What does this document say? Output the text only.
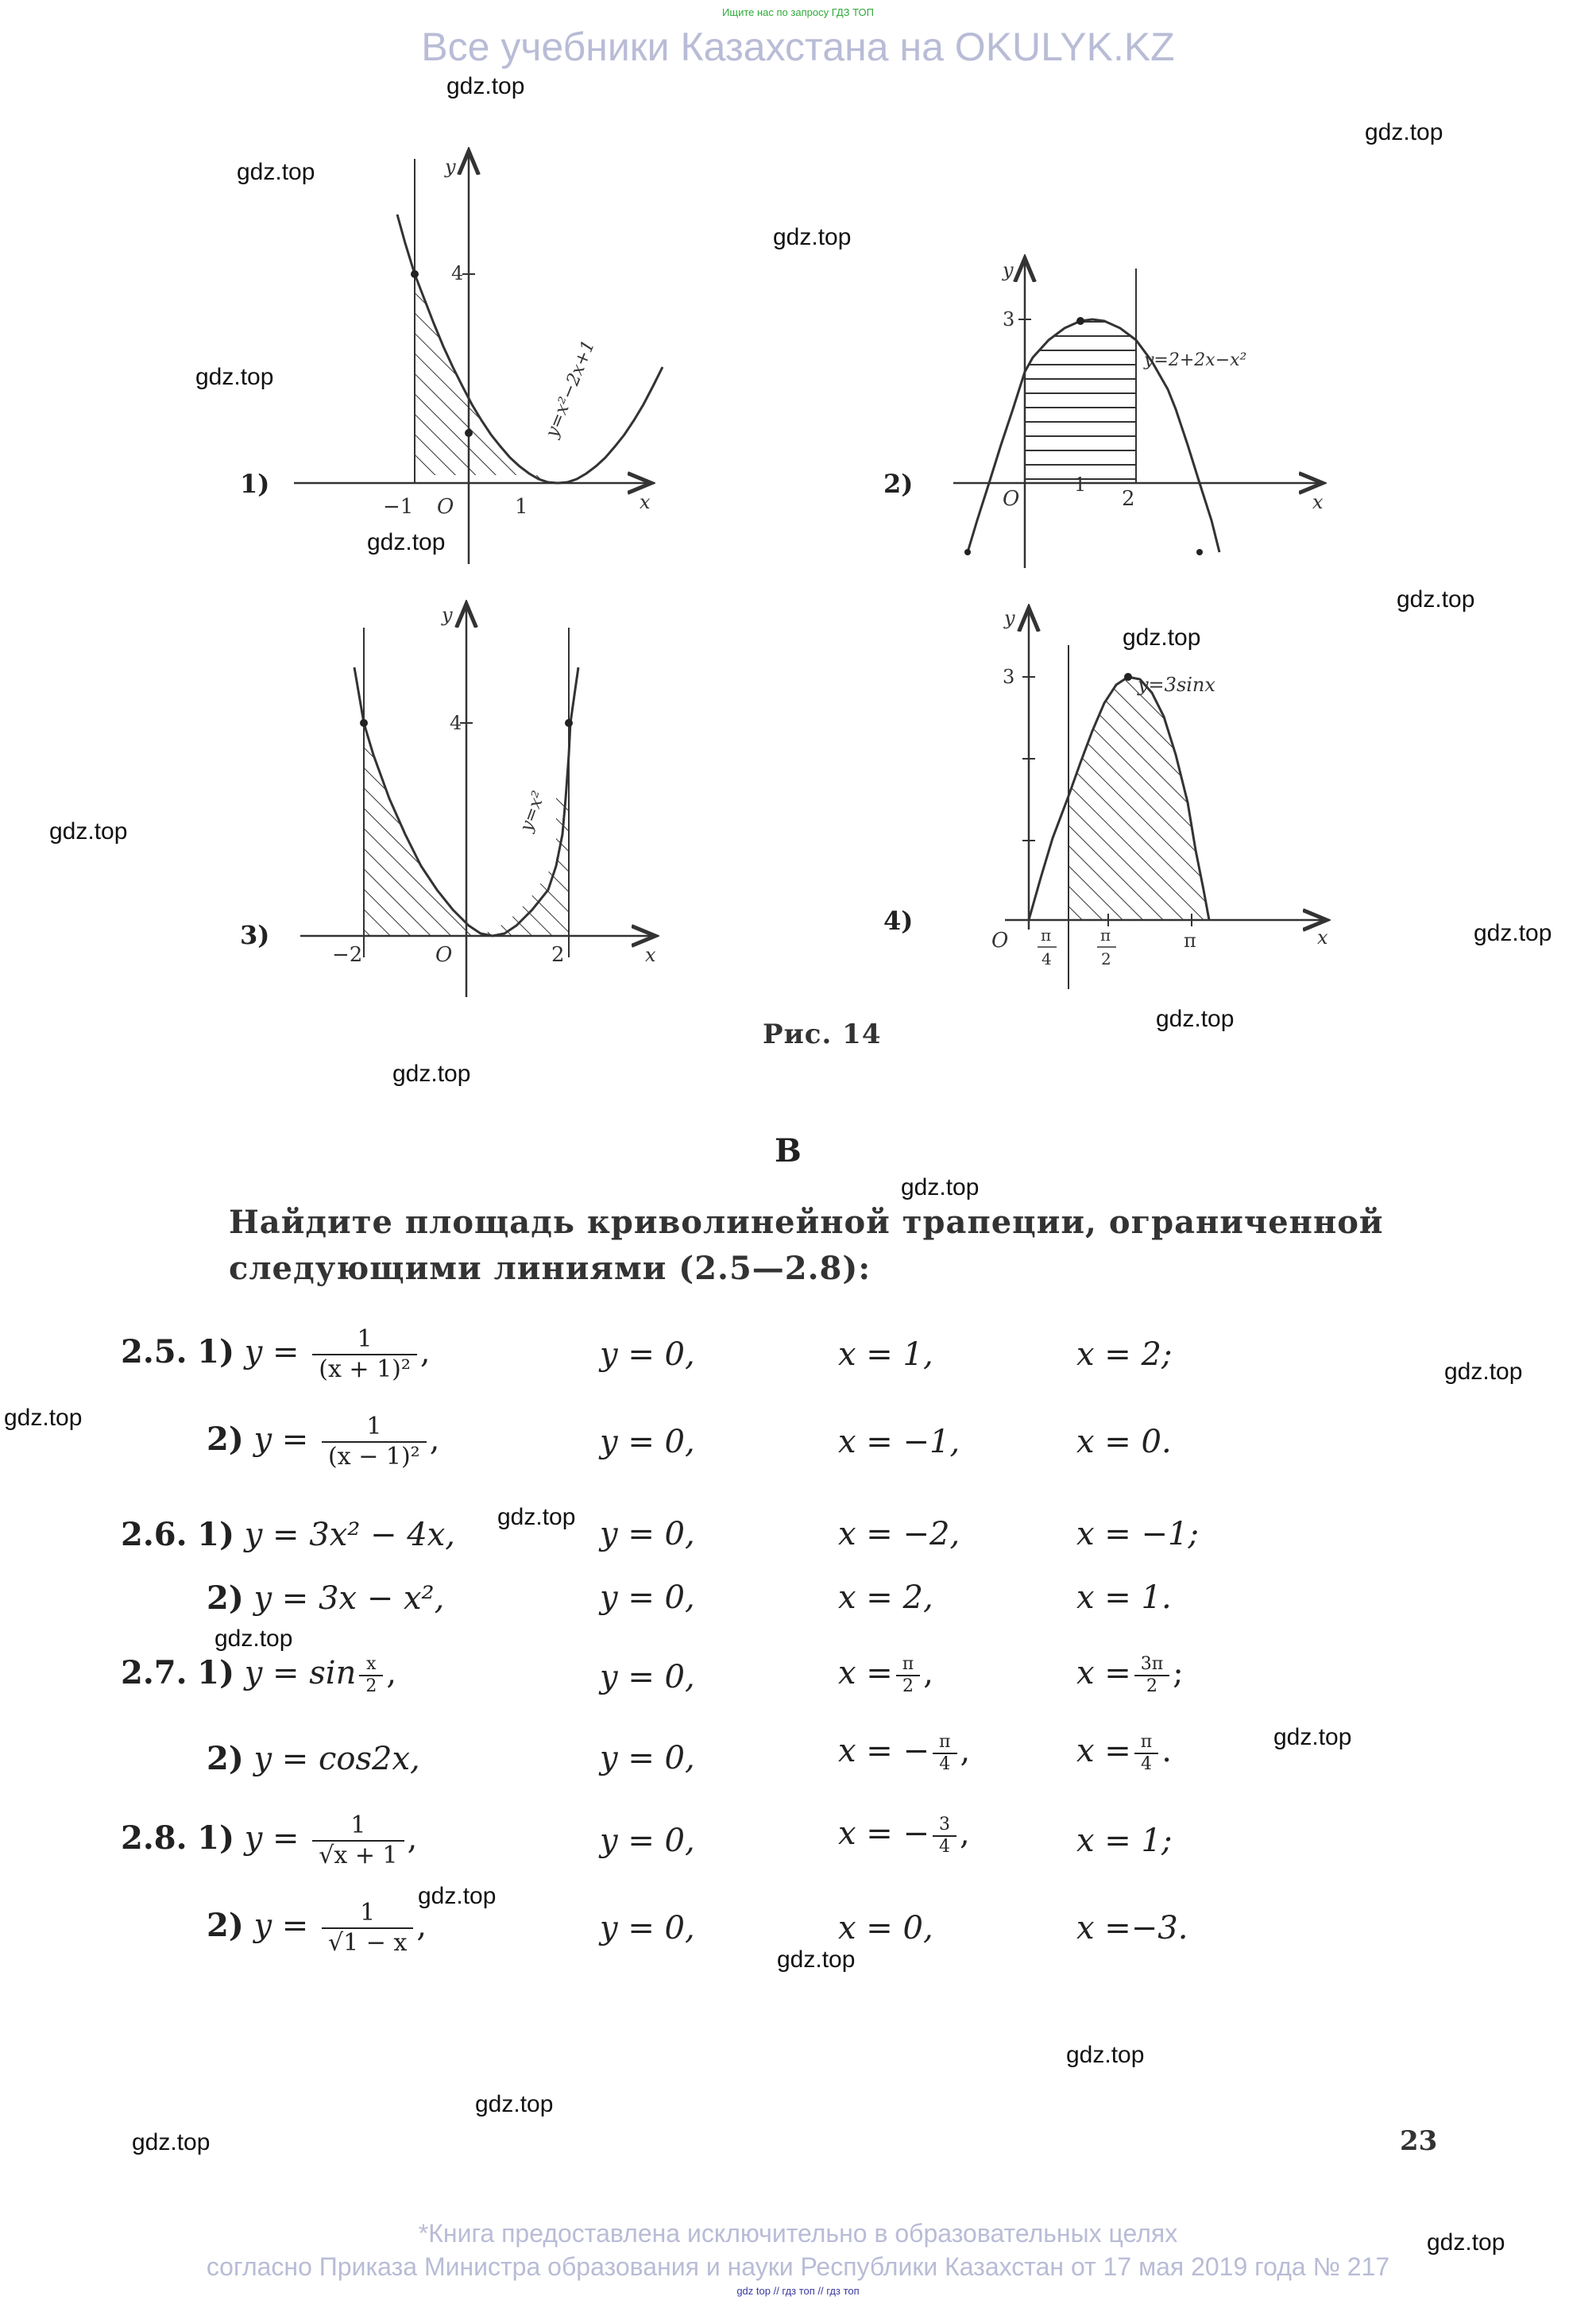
Ищите нас по запросу ГДЗ ТОП
Все учебники Казахстана на OKULYK.KZ
1)
y
x
O
−1	1
4
y=x²−2x+1
2)
y
x
O
1
2
3
y=2+2x−x²
3)
y
x
O
−2	2
4
y=x²
4)
y
x
O π
4
π
2
π
3	y=3sinx
Рис. 14
B
Найдите площадь криволинейной трапеции, ограниченной следующими линиями (2.5—2.8):
2.5. 1) $y = \frac{1}{\text{(x + 1)²}}$ ,	y = 0,	x = 1,	x = 2;
2) $y = \frac{1}{\text{(x − 1)²}}$ ,	y = 0,	x = −1,	x = 0.
2.6. 1) y = 3x² − 4x,	y = 0,	x = −2,	x = −1;
2) y = 3x − x²,	y = 0,	x = 2,	x = 1.
2.7. 1) $y = \sin \frac{x}{2}$ ,	y = 0,	$x = \frac{\pi}{2}$ ,	$x = \frac{3\pi}{2}$ ;
2) y = cos2x,	y = 0,	x = − $\frac{\pi}{4}$ ,	$x = \frac{\pi}{4}$ .
2.8. 1) $y = \frac{1}{√x + 1}$ ,	y = 0,	x = − $\frac{3}{4}$ ,	x = 1;
2) $y = \frac{1}{√1 - x}$ ,	y = 0,	x = 0,	x =−3.
23
gdz.top
gdz.top
gdz.top
gdz.top
gdz.top
gdz.top
gdz.top
gdz.top
gdz.top
gdz.top
gdz.top
gdz.top
gdz.top
gdz.top
gdz.top
gdz.top
gdz.top
gdz.top
gdz.top
gdz.top
gdz.top
gdz.top
gdz.top
gdz.top
*Книга предоставлена исключительно в образовательных целях
согласно Приказа Министра образования и науки Республики Казахстан от 17 мая 2019 года № 217
gdz top // гдз топ // гдз топ
